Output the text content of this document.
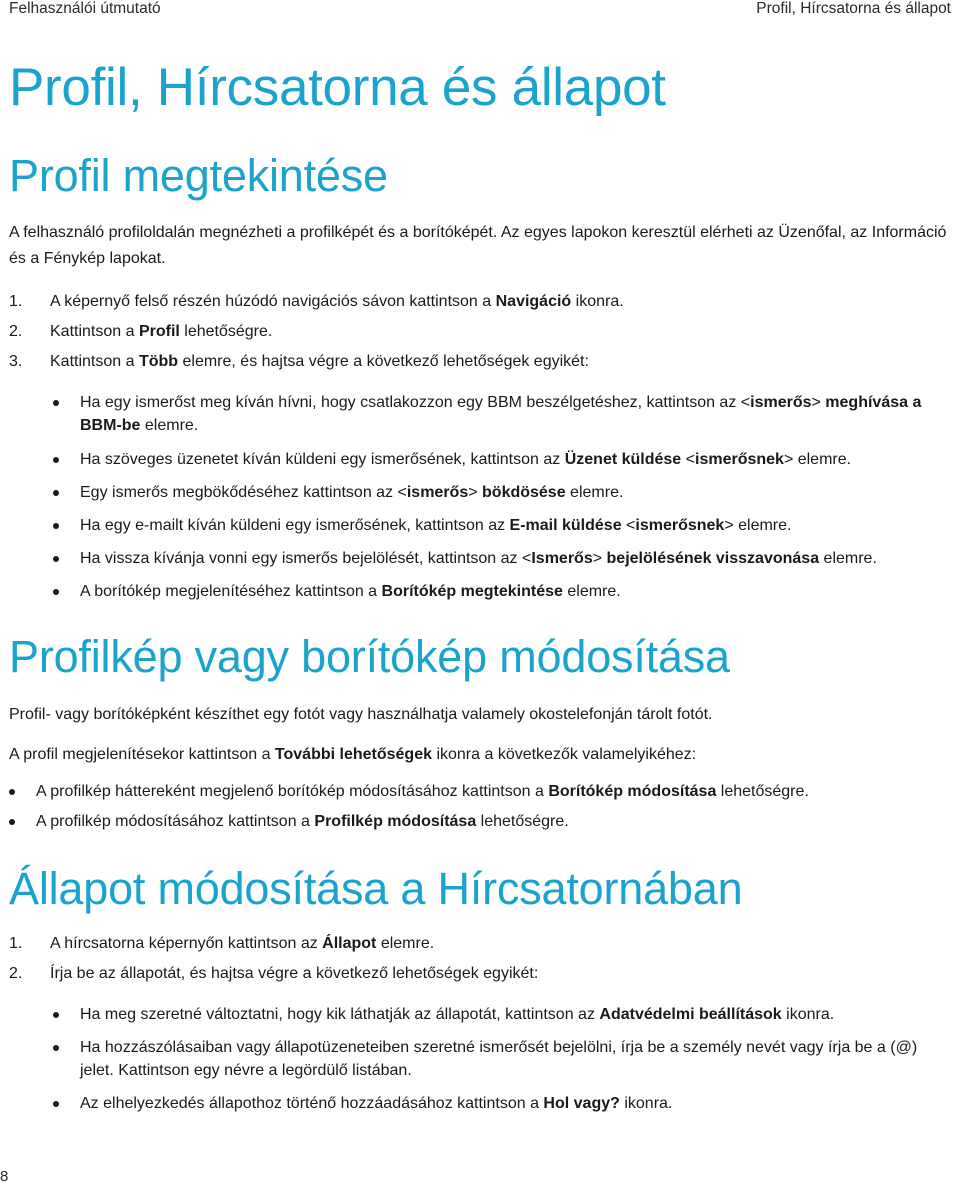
Felhasználói útmutató	Profil, Hírcsatorna és állapot
Profil, Hírcsatorna és állapot
Profil megtekintése

A felhasználó profiloldalán megnézheti a profilképét és a borítóképét. Az egyes lapokon keresztül elérheti az Üzenőfal, az Információ és a Fénykép lapokat.

1. A képernyő felső részén húzódó navigációs sávon kattintson a Navigáció ikonra.
2. Kattintson a Profil lehetőségre.
3. Kattintson a Több elemre, és hajtsa végre a következő lehetőségek egyikét:
Ha egy ismerőst meg kíván hívni, hogy csatlakozzon egy BBM beszélgetéshez, kattintson az <ismerős> meghívása a BBM-be elemre.
Ha szöveges üzenetet kíván küldeni egy ismerősének, kattintson az Üzenet küldése <ismerősnek> elemre.
Egy ismerős megbökődéséhez kattintson az <ismerős> bökdösése elemre.
Ha egy e-mailt kíván küldeni egy ismerősének, kattintson az E-mail küldése <ismerősnek> elemre.
Ha vissza kívánja vonni egy ismerős bejelölését, kattintson az <Ismerős> bejelölésének visszavonása elemre.
A borítókép megjelenítéséhez kattintson a Borítókép megtekintése elemre.
Profilkép vagy borítókép módosítása

Profil- vagy borítóképként készíthet egy fotót vagy használhatja valamely okostelefonján tárolt fotót.

A profil megjelenítésekor kattintson a További lehetőségek ikonra a következők valamelyikéhez:

A profilkép háttereként megjelenő borítókép módosításához kattintson a Borítókép módosítása lehetőségre.
A profilkép módosításához kattintson a Profilkép módosítása lehetőségre.
Állapot módosítása a Hírcsatornában
1. A hírcsatorna képernyőn kattintson az Állapot elemre.
2. Írja be az állapotát, és hajtsa végre a következő lehetőségek egyikét:
Ha meg szeretné változtatni, hogy kik láthatják az állapotát, kattintson az Adatvédelmi beállítások ikonra.
Ha hozzászólásaiban vagy állapotüzeneteiben szeretné ismerősét bejelölni, írja be a személy nevét vagy írja be a (@) jelet. Kattintson egy névre a legördülő listában.
Az elhelyezkedés állapothoz történő hozzáadásához kattintson a Hol vagy? ikonra.
8
